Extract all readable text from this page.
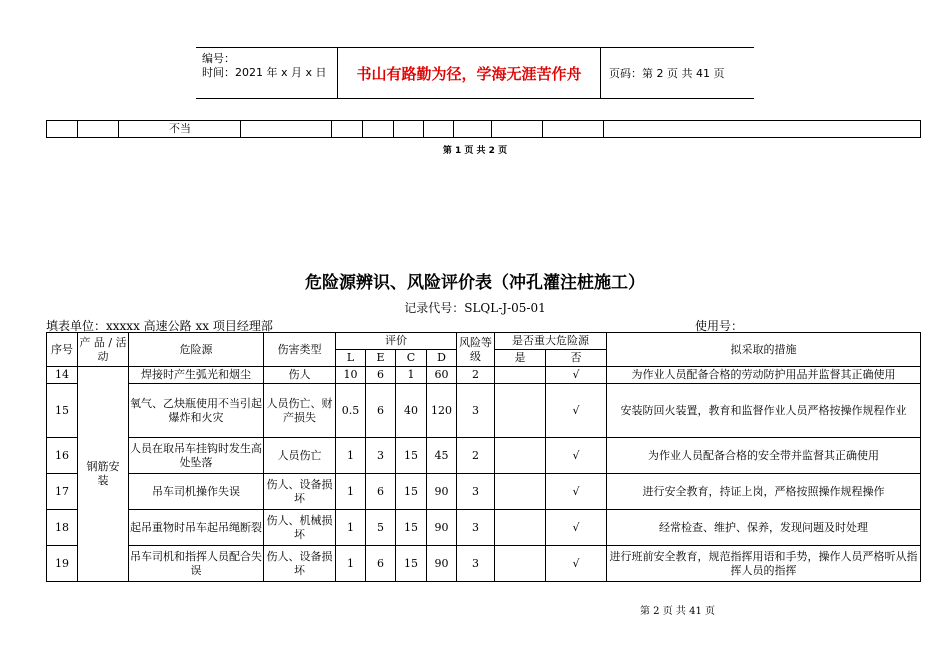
编号：
时间：2021 年 x 月 x 日	书山有路勤为径，学海无涯苦作舟	页码：第 2 页 共 41 页
		不当									
第 1 页 共 2 页
危险源辨识、风险评价表（冲孔灌注桩施工）
记录代号：SLQL-J-05-01
填表单位：xxxxx 高速公路 xx 项目经理部	使用号：
序号	产 品 / 活动	危险源	伤害类型	评价				风险等级	是否重大危险源		拟采取的措施
				L	E	C	D		是	否	
14	钢筋安装	焊接时产生弧光和烟尘	伤人	10	6	1	60	2		√	为作业人员配备合格的劳动防护用品并监督其正确使用
15		氧气、乙炔瓶使用不当引起爆炸和火灾	人员伤亡、财产损失	0.5	6	40	120	3		√	安装防回火装置，教育和监督作业人员严格按操作规程作业
16		人员在取吊车挂钩时发生高处坠落	人员伤亡	1	3	15	45	2		√	为作业人员配备合格的安全带并监督其正确使用
17		吊车司机操作失误	伤人、设备损坏	1	6	15	90	3		√	进行安全教育，持证上岗，严格按照操作规程操作
18		起吊重物时吊车起吊绳断裂	伤人、机械损坏	1	5	15	90	3		√	经常检查、维护、保养，发现问题及时处理
19		吊车司机和指挥人员配合失误	伤人、设备损坏	1	6	15	90	3		√	进行班前安全教育，规范指挥用语和手势，操作人员严格听从指挥人员的指挥
第 2 页 共 41 页
